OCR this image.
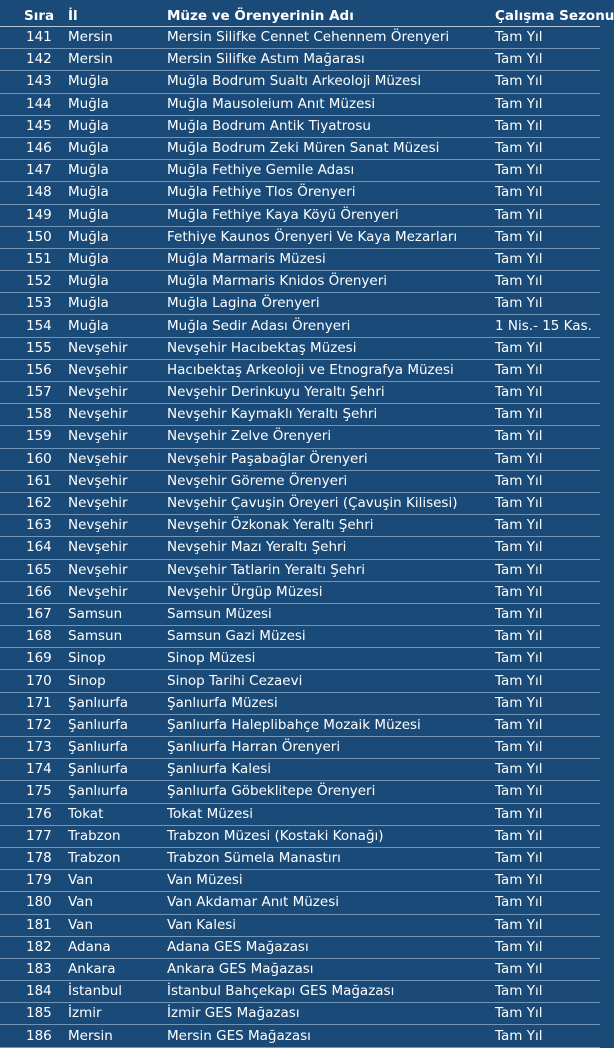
Sıra	İl	Müze ve Örenyerinin Adı	Çalışma Sezonu
141	Mersin	Mersin Silifke Cennet Cehennem Örenyeri	Tam Yıl
142	Mersin	Mersin Silifke Astım Mağarası	Tam Yıl
143	Muğla	Muğla Bodrum Sualtı Arkeoloji Müzesi	Tam Yıl
144	Muğla	Muğla Mausoleium Anıt Müzesi	Tam Yıl
145	Muğla	Muğla Bodrum Antik Tiyatrosu	Tam Yıl
146	Muğla	Muğla Bodrum Zeki Müren Sanat Müzesi	Tam Yıl
147	Muğla	Muğla Fethiye Gemile Adası	Tam Yıl
148	Muğla	Muğla Fethiye Tlos Örenyeri	Tam Yıl
149	Muğla	Muğla Fethiye Kaya Köyü Örenyeri	Tam Yıl
150	Muğla	Fethiye Kaunos Örenyeri Ve Kaya Mezarları	Tam Yıl
151	Muğla	Muğla Marmaris Müzesi	Tam Yıl
152	Muğla	Muğla Marmaris Knidos Örenyeri	Tam Yıl
153	Muğla	Muğla Lagina Örenyeri	Tam Yıl
154	Muğla	Muğla Sedir Adası Örenyeri	1 Nis.- 15 Kas.
155	Nevşehir	Nevşehir Hacıbektaş Müzesi	Tam Yıl
156	Nevşehir	Hacıbektaş Arkeoloji ve Etnografya Müzesi	Tam Yıl
157	Nevşehir	Nevşehir Derinkuyu Yeraltı Şehri	Tam Yıl
158	Nevşehir	Nevşehir Kaymaklı Yeraltı Şehri	Tam Yıl
159	Nevşehir	Nevşehir Zelve Örenyeri	Tam Yıl
160	Nevşehir	Nevşehir Paşabağlar Örenyeri	Tam Yıl
161	Nevşehir	Nevşehir Göreme Örenyeri	Tam Yıl
162	Nevşehir	Nevşehir Çavuşin Öreyeri (Çavuşin Kilisesi)	Tam Yıl
163	Nevşehir	Nevşehir Özkonak Yeraltı Şehri	Tam Yıl
164	Nevşehir	Nevşehir Mazı Yeraltı Şehri	Tam Yıl
165	Nevşehir	Nevşehir Tatlarin Yeraltı Şehri	Tam Yıl
166	Nevşehir	Nevşehir Ürgüp Müzesi	Tam Yıl
167	Samsun	Samsun Müzesi	Tam Yıl
168	Samsun	Samsun Gazi Müzesi	Tam Yıl
169	Sinop	Sinop Müzesi	Tam Yıl
170	Sinop	Sinop Tarihi Cezaevi	Tam Yıl
171	Şanlıurfa	Şanlıurfa Müzesi	Tam Yıl
172	Şanlıurfa	Şanlıurfa Haleplibahçe Mozaik Müzesi	Tam Yıl
173	Şanlıurfa	Şanlıurfa Harran Örenyeri	Tam Yıl
174	Şanlıurfa	Şanlıurfa Kalesi	Tam Yıl
175	Şanlıurfa	Şanlıurfa Göbeklitepe Örenyeri	Tam Yıl
176	Tokat	Tokat Müzesi	Tam Yıl
177	Trabzon	Trabzon Müzesi (Kostaki Konağı)	Tam Yıl
178	Trabzon	Trabzon Sümela Manastırı	Tam Yıl
179	Van	Van Müzesi	Tam Yıl
180	Van	Van Akdamar Anıt Müzesi	Tam Yıl
181	Van	Van Kalesi	Tam Yıl
182	Adana	Adana GES Mağazası	Tam Yıl
183	Ankara	Ankara GES Mağazası	Tam Yıl
184	İstanbul	İstanbul Bahçekapı GES Mağazası	Tam Yıl
185	İzmir	İzmir GES Mağazası	Tam Yıl
186	Mersin	Mersin GES Mağazası	Tam Yıl
